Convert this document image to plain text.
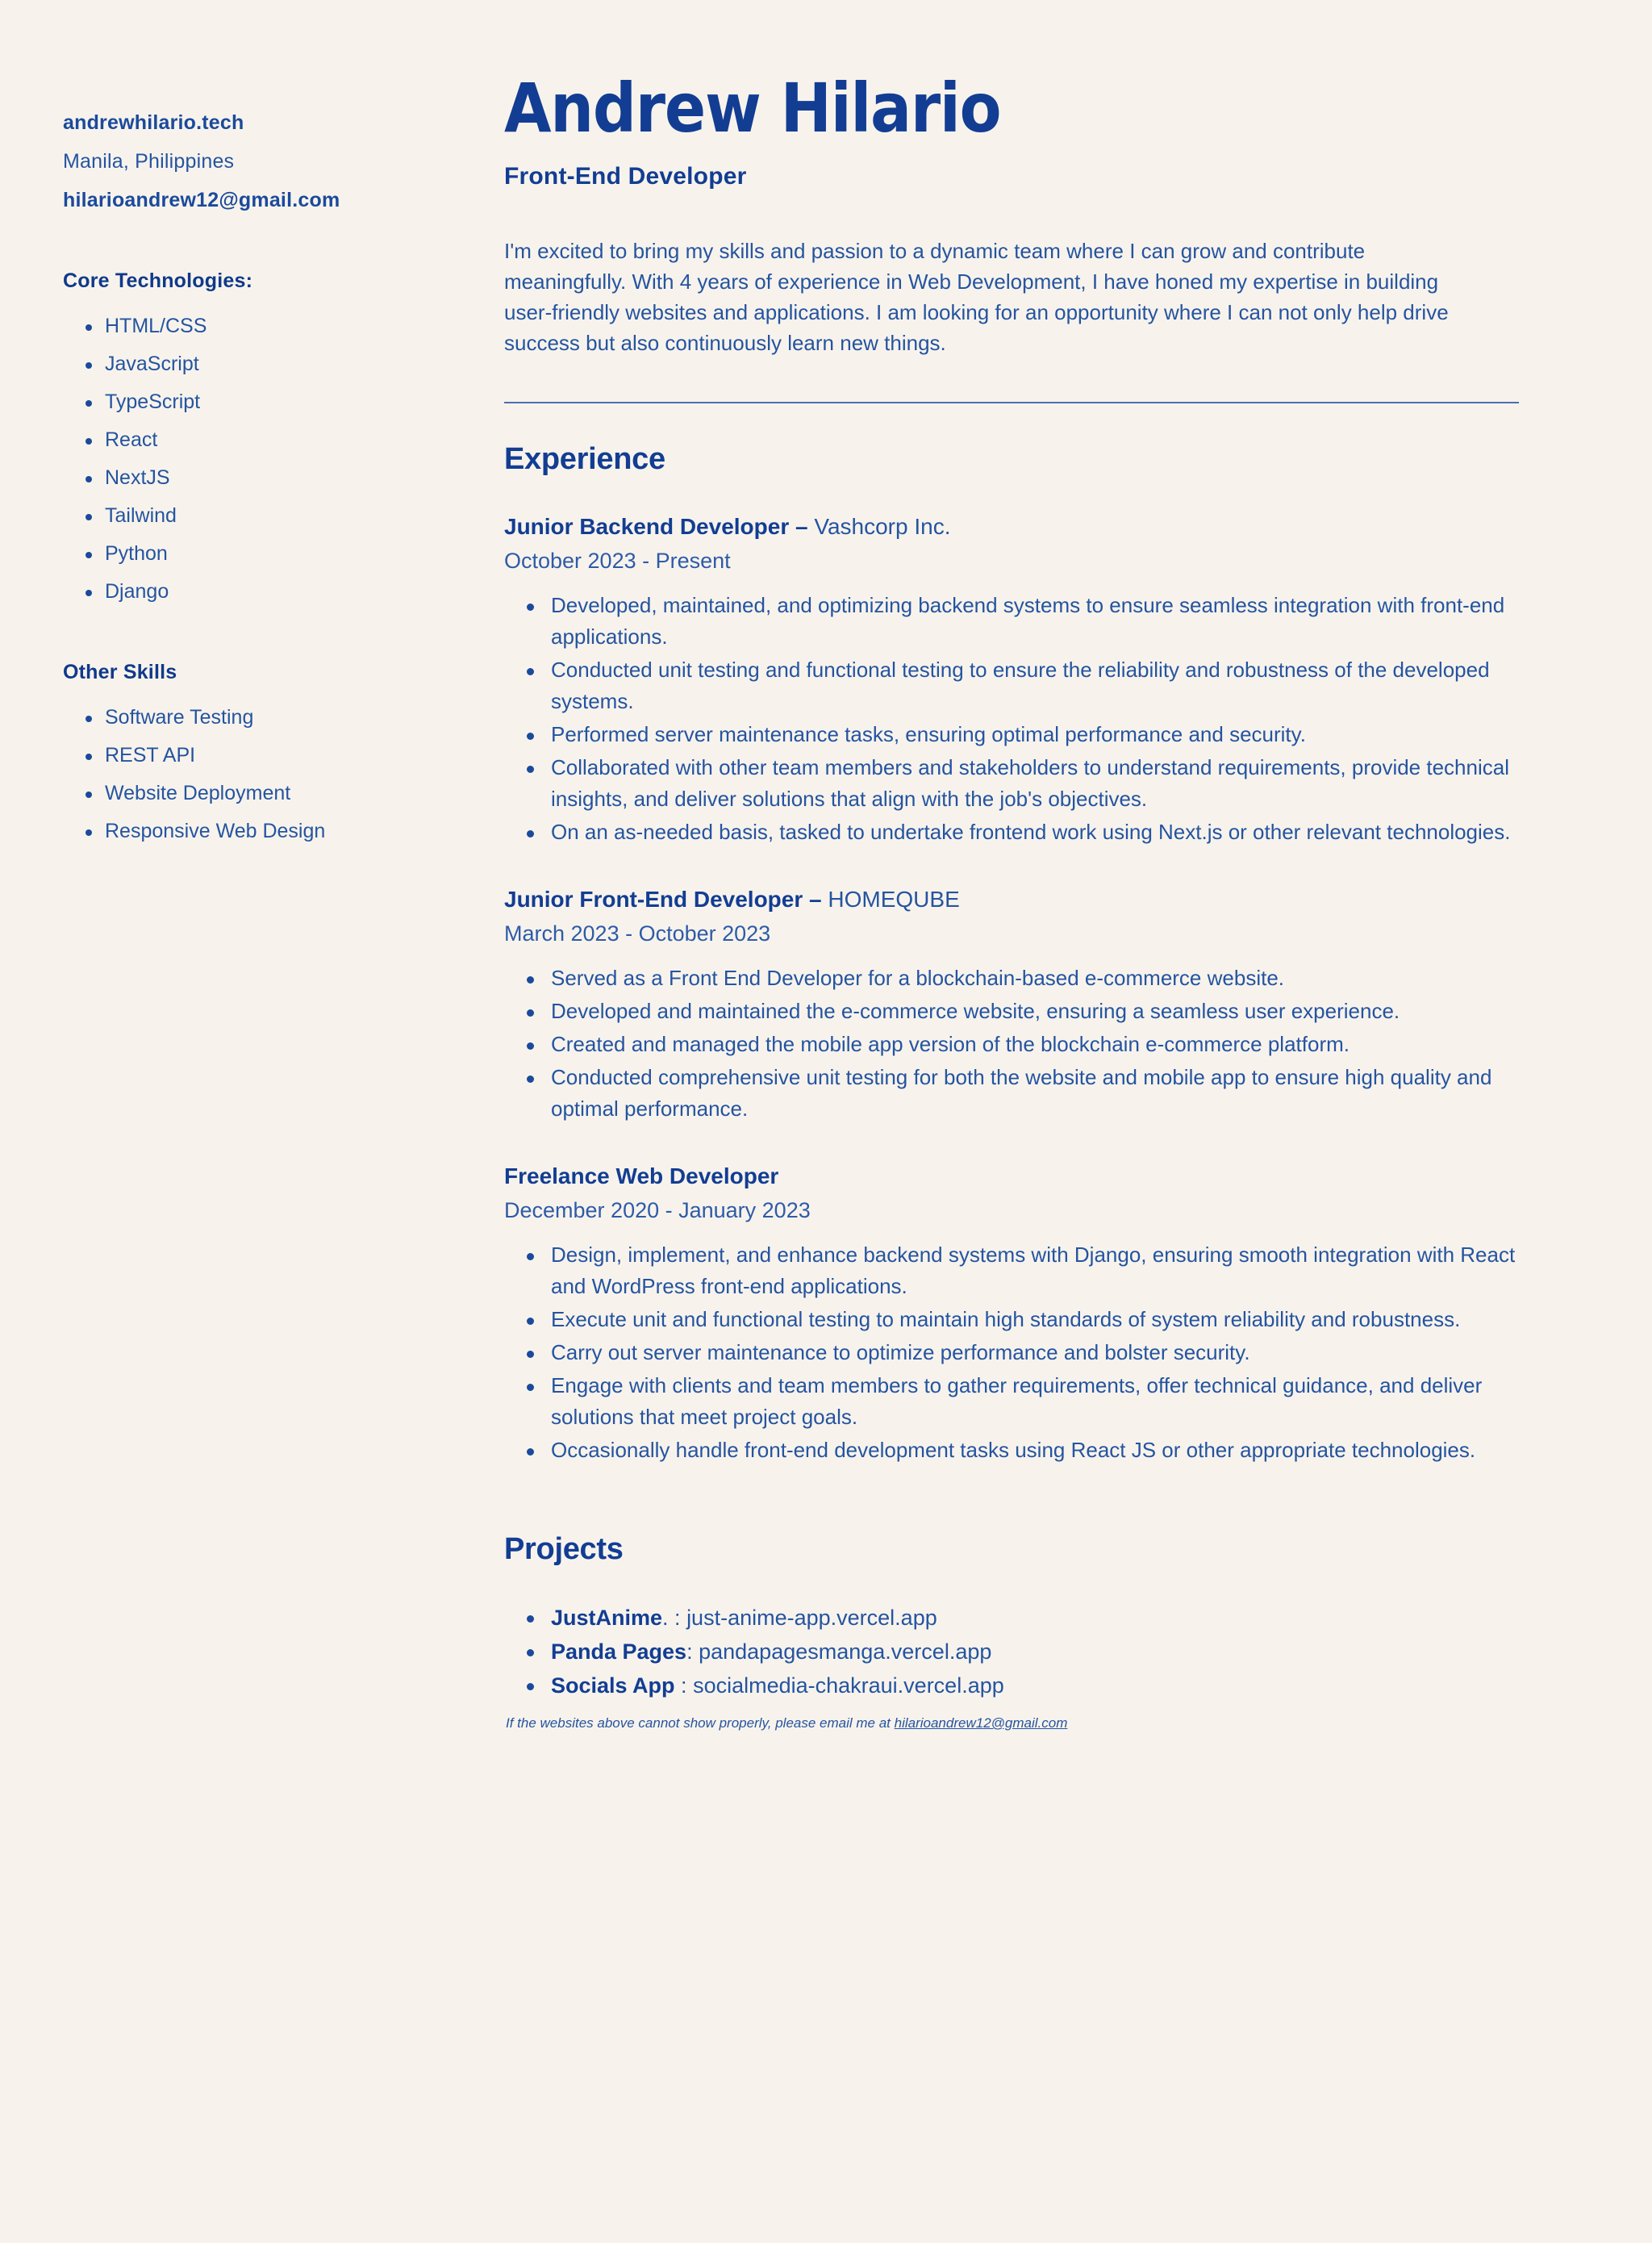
andrewhilario.tech
Manila, Philippines
hilarioandrew12@gmail.com
Core Technologies:
HTML/CSS
JavaScript
TypeScript
React
NextJS
Tailwind
Python
Django
Other Skills
Software Testing
REST API
Website Deployment
Responsive Web Design
Andrew Hilario
Front-End Developer

I'm excited to bring my skills and passion to a dynamic team where I can grow and contribute meaningfully. With 4 years of experience in Web Development, I have honed my expertise in building user-friendly websites and applications. I am looking for an opportunity where I can not only help drive success but also continuously learn new things.

Experience
Junior Backend Developer – Vashcorp Inc.
October 2023 - Present
Developed, maintained, and optimizing backend systems to ensure seamless integration with front-end applications.
Conducted unit testing and functional testing to ensure the reliability and robustness of the developed systems.
Performed server maintenance tasks, ensuring optimal performance and security.
Collaborated with other team members and stakeholders to understand requirements, provide technical insights, and deliver solutions that align with the job's objectives.
On an as-needed basis, tasked to undertake frontend work using Next.js or other relevant technologies.
Junior Front-End Developer – HOMEQUBE
March 2023 - October 2023
Served as a Front End Developer for a blockchain-based e-commerce website.
Developed and maintained the e-commerce website, ensuring a seamless user experience.
Created and managed the mobile app version of the blockchain e-commerce platform.
Conducted comprehensive unit testing for both the website and mobile app to ensure high quality and optimal performance.
Freelance Web Developer
December 2020 - January 2023
Design, implement, and enhance backend systems with Django, ensuring smooth integration with React and WordPress front-end applications.
Execute unit and functional testing to maintain high standards of system reliability and robustness.
Carry out server maintenance to optimize performance and bolster security.
Engage with clients and team members to gather requirements, offer technical guidance, and deliver solutions that meet project goals.
Occasionally handle front-end development tasks using React JS or other appropriate technologies.
Projects
JustAnime. : just-anime-app.vercel.app
Panda Pages: pandapagesmanga.vercel.app
Socials App : socialmedia-chakraui.vercel.app
If the websites above cannot show properly, please email me at hilarioandrew12@gmail.com
